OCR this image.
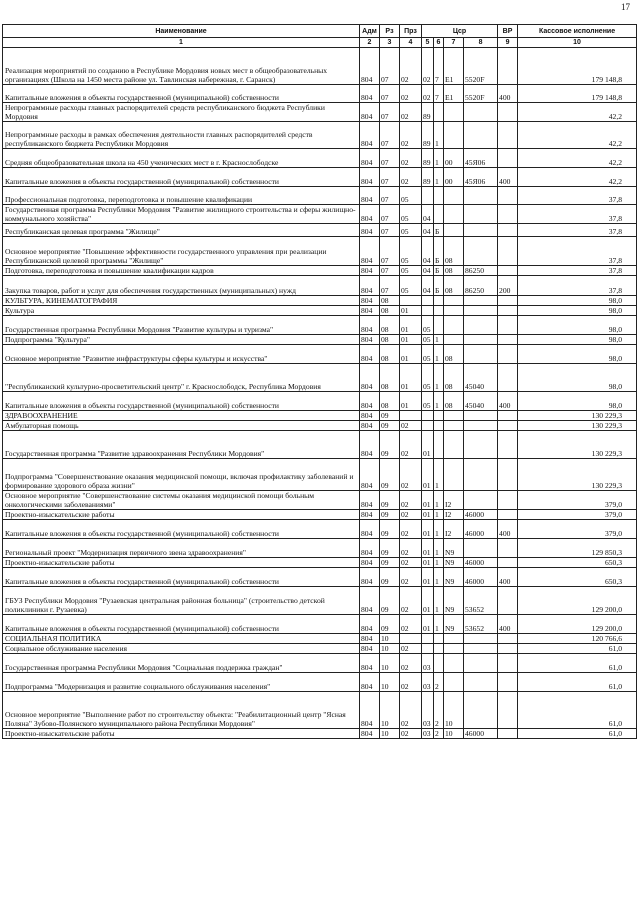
17
Наименование	Адм	Рз	Прз	Цср				ВР	Кассовое исполнение
1	2	3	4	5	6	7	8	9	10
Реализация мероприятий по созданию в Республике Мордовия новых мест в общеобразовательных организациях (Школа на 1450 места районе ул. Тавлинская набережная, г. Саранск)	804	07	02	02	7	Е1	5520F		179 148,8
Капитальные вложения в объекты государственной (муниципальной) собственности	804	07	02	02	7	Е1	5520F	400	179 148,8
Непрограммные расходы главных распорядителей средств республиканского бюджета Республики Мордовия	804	07	02	89					42,2
Непрограммные расходы в рамках обеспечения деятельности главных распорядителей средств республиканского бюджета Республики Мордовия	804	07	02	89	1				42,2
Средняя общеобразовательная школа на 450 ученических мест в г. Краснослободске	804	07	02	89	1	00	45Я06		42,2
Капитальные вложения в объекты государственной (муниципальной) собственности	804	07	02	89	1	00	45Я06	400	42,2
Профессиональная подготовка, переподготовка и повышение квалификации	804	07	05						37,8
Государственная программа Республики Мордовия "Развитие жилищного строительства и сферы жилищно-коммунального хозяйства"	804	07	05	04					37,8
Республиканская целевая программа "Жилище"	804	07	05	04	Б				37,8
Основное мероприятие "Повышение эффективности государственного управления при реализации Республиканской целевой программы "Жилище"	804	07	05	04	Б	08			37,8
Подготовка, переподготовка и повышение квалификации кадров	804	07	05	04	Б	08	86250		37,8
Закупка товаров, работ и услуг для обеспечения государственных (муниципальных) нужд	804	07	05	04	Б	08	86250	200	37,8
КУЛЬТУРА, КИНЕМАТОГРАФИЯ	804	08							98,0
Культура	804	08	01						98,0
Государственная программа Республики Мордовия "Развитие культуры и туризма"	804	08	01	05					98,0
Подпрограмма "Культура"	804	08	01	05	1				98,0
Основное мероприятие "Развитие инфраструктуры сферы культуры и искусства"	804	08	01	05	1	08			98,0
"Республиканский культурно-просветительский центр" г. Краснослободск, Республика Мордовия	804	08	01	05	1	08	45040		98,0
Капитальные вложения в объекты государственной (муниципальной) собственности	804	08	01	05	1	08	45040	400	98,0
ЗДРАВООХРАНЕНИЕ	804	09							130 229,3
Амбулаторная помощь	804	09	02						130 229,3
Государственная программа "Развитие здравоохранения Республики Мордовия"	804	09	02	01					130 229,3
Подпрограмма "Совершенствование оказания медицинской помощи, включая профилактику заболеваний и формирование здорового образа жизни"	804	09	02	01	1				130 229,3
Основное мероприятие "Совершенствование системы оказания медицинской помощи больным онкологическими заболеваниями"	804	09	02	01	1	I2			379,0
Проектно-изыскательские работы	804	09	02	01	1	I2	46000		379,0
Капитальные вложения в объекты государственной (муниципальной) собственности	804	09	02	01	1	I2	46000	400	379,0
Региональный проект "Модернизация первичного звена здравоохранения"	804	09	02	01	1	N9			129 850,3
Проектно-изыскательские работы	804	09	02	01	1	N9	46000		650,3
Капитальные вложения в объекты государственной (муниципальной) собственности	804	09	02	01	1	N9	46000	400	650,3
ГБУЗ Республики Мордовия "Рузаевская центральная районная больница" (строительство детской поликлиники г. Рузаевка)	804	09	02	01	1	N9	53652		129 200,0
Капитальные вложения в объекты государственной (муниципальной) собственности	804	09	02	01	1	N9	53652	400	129 200,0
СОЦИАЛЬНАЯ ПОЛИТИКА	804	10							120 766,6
Социальное обслуживание населения	804	10	02						61,0
Государственная программа Республики Мордовия "Социальная поддержка граждан"	804	10	02	03					61,0
Подпрограмма "Модернизация и развитие социального обслуживания населения"	804	10	02	03	2				61,0
Основное мероприятие "Выполнение работ по строительству объекта: "Реабилитационный центр "Ясная Поляна" Зубово-Полянского муниципального района Республики Мордовия"	804	10	02	03	2	10			61,0
Проектно-изыскательские работы	804	10	02	03	2	10	46000		61,0
